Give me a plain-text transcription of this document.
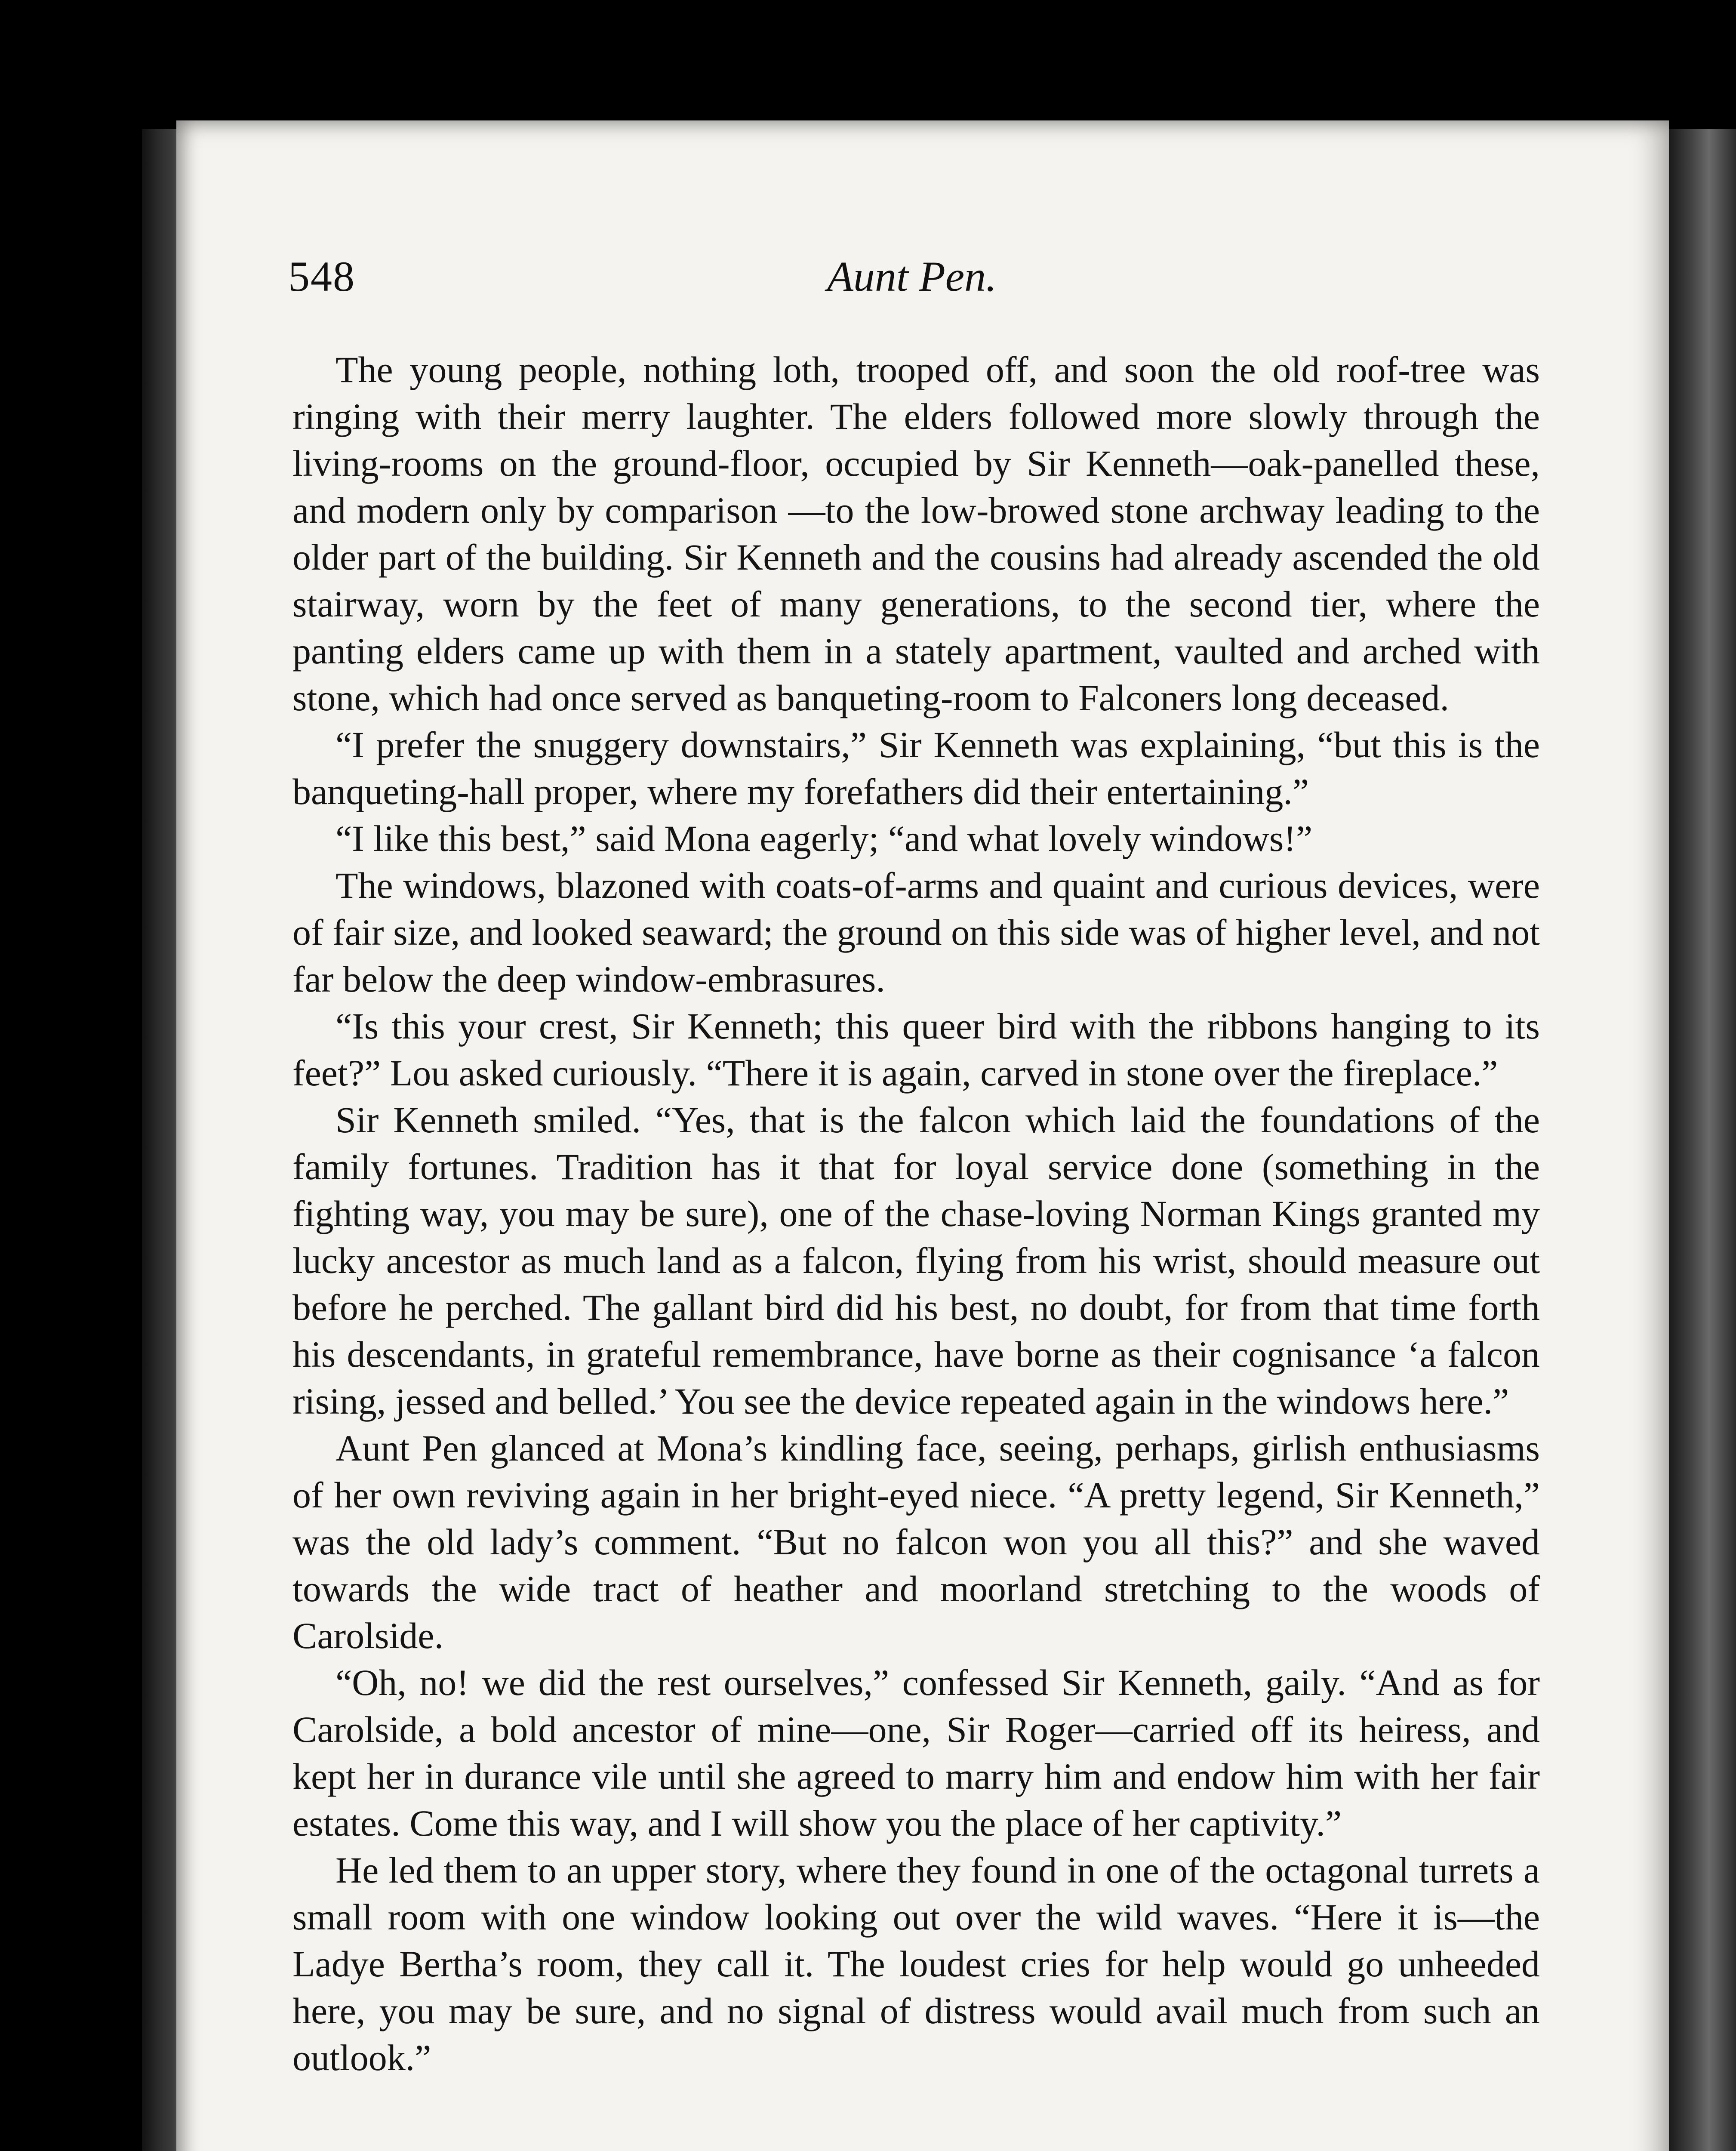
548	Aunt Pen.

The young people, nothing loth, trooped off, and soon the old roof-tree was ringing with their merry laughter. The elders followed more slowly through the living-rooms on the ground-floor, occupied by Sir Kenneth—oak-panelled these, and modern only by comparison —to the low-browed stone archway leading to the older part of the building. Sir Kenneth and the cousins had already ascended the old stairway, worn by the feet of many generations, to the second tier, where the panting elders came up with them in a stately apartment, vaulted and arched with stone, which had once served as banqueting-room to Falconers long deceased.

“I prefer the snuggery downstairs,” Sir Kenneth was explaining, “but this is the banqueting-hall proper, where my forefathers did their entertaining.”

“I like this best,” said Mona eagerly; “and what lovely windows!”

The windows, blazoned with coats-of-arms and quaint and curious devices, were of fair size, and looked seaward; the ground on this side was of higher level, and not far below the deep window-embrasures.

“Is this your crest, Sir Kenneth; this queer bird with the ribbons hanging to its feet?” Lou asked curiously. “There it is again, carved in stone over the fireplace.”

Sir Kenneth smiled. “Yes, that is the falcon which laid the foundations of the family fortunes. Tradition has it that for loyal service done (something in the fighting way, you may be sure), one of the chase-loving Norman Kings granted my lucky ancestor as much land as a falcon, flying from his wrist, should measure out before he perched. The gallant bird did his best, no doubt, for from that time forth his descendants, in grateful remembrance, have borne as their cognisance ‘a falcon rising, jessed and belled.’ You see the device repeated again in the windows here.”

Aunt Pen glanced at Mona’s kindling face, seeing, perhaps, girlish enthusiasms of her own reviving again in her bright-eyed niece. “A pretty legend, Sir Kenneth,” was the old lady’s comment. “But no falcon won you all this?” and she waved towards the wide tract of heather and moorland stretching to the woods of Carolside.

“Oh, no! we did the rest ourselves,” confessed Sir Kenneth, gaily. “And as for Carolside, a bold ancestor of mine—one, Sir Roger—carried off its heiress, and kept her in durance vile until she agreed to marry him and endow him with her fair estates. Come this way, and I will show you the place of her captivity.”

He led them to an upper story, where they found in one of the octagonal turrets a small room with one window looking out over the wild waves. “Here it is—the Ladye Bertha’s room, they call it. The loudest cries for help would go unheeded here, you may be sure, and no signal of distress would avail much from such an outlook.”
